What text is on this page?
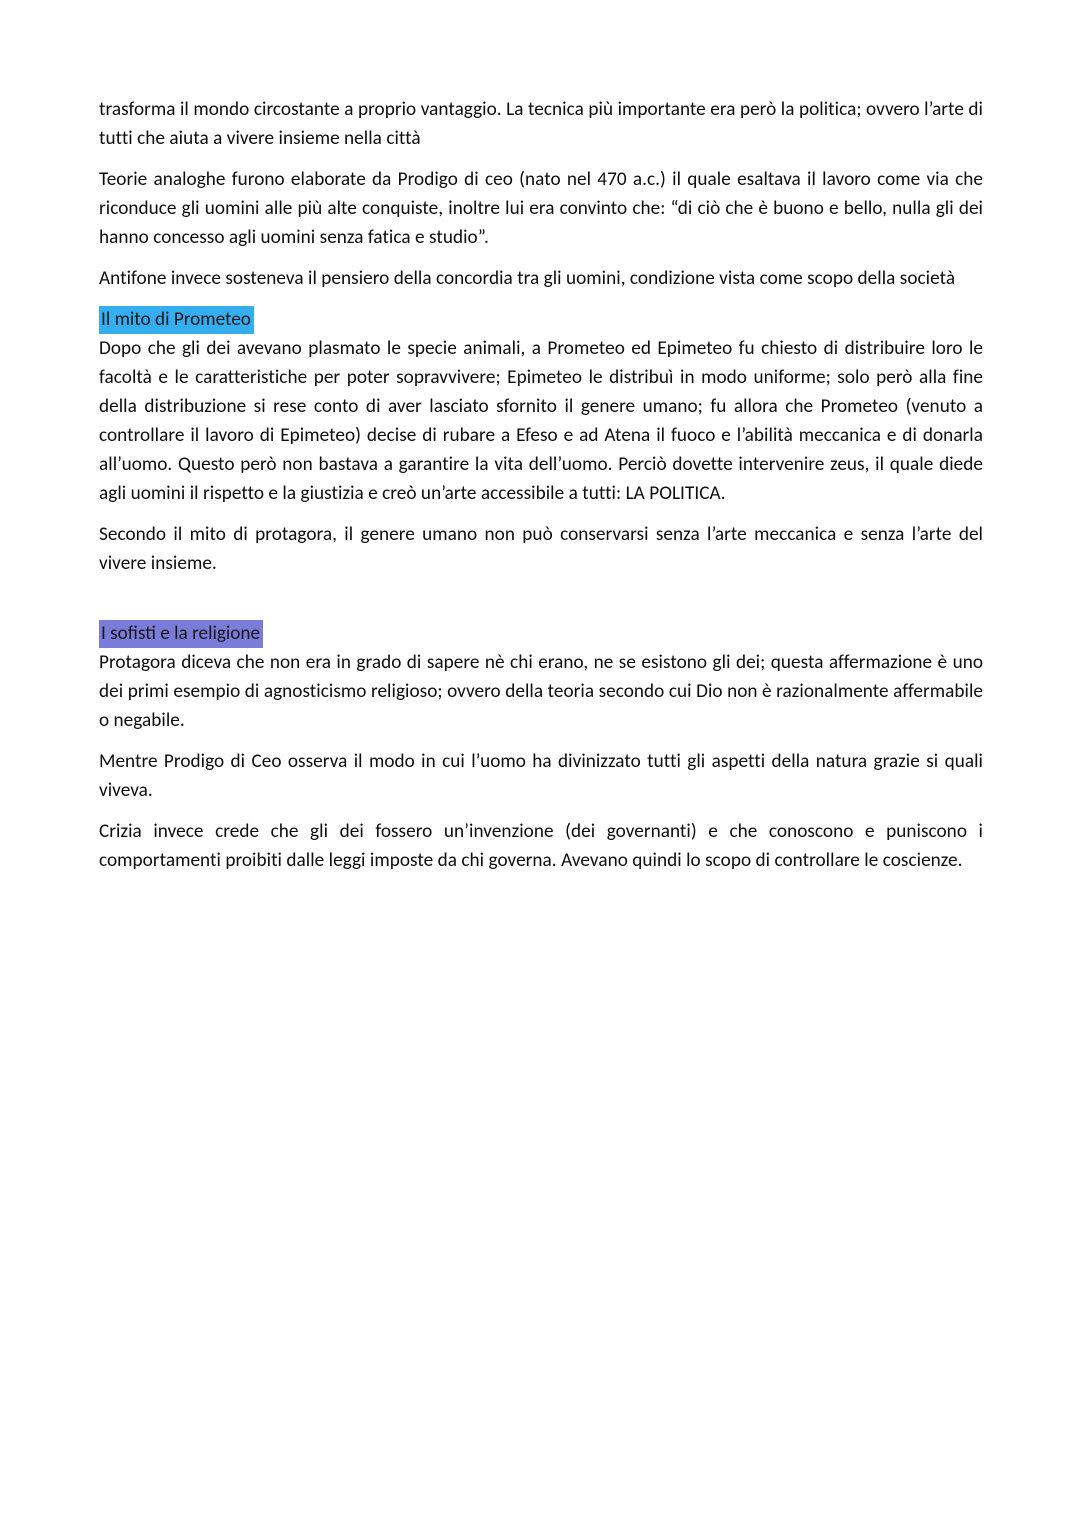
trasforma il mondo circostante a proprio vantaggio. La tecnica più importante era però la politica; ovvero l’arte di tutti che aiuta a vivere insieme nella città

Teorie analoghe furono elaborate da Prodigo di ceo (nato nel 470 a.c.) il quale esaltava il lavoro come via che riconduce gli uomini alle più alte conquiste, inoltre lui era convinto che: “di ciò che è buono e bello, nulla gli dei hanno concesso agli uomini senza fatica e studio”.

Antifone invece sosteneva il pensiero della concordia tra gli uomini, condizione vista come scopo della società

Il mito di Prometeo

Dopo che gli dei avevano plasmato le specie animali, a Prometeo ed Epimeteo fu chiesto di distribuire loro le facoltà e le caratteristiche per poter sopravvivere; Epimeteo le distribuì in modo uniforme; solo però alla fine della distribuzione si rese conto di aver lasciato sfornito il genere umano; fu allora che Prometeo (venuto a controllare il lavoro di Epimeteo) decise di rubare a Efeso e ad Atena il fuoco e l’abilità meccanica e di donarla all’uomo. Questo però non bastava a garantire la vita dell’uomo. Perciò dovette intervenire zeus, il quale diede agli uomini il rispetto e la giustizia e creò un’arte accessibile a tutti: LA POLITICA.

Secondo il mito di protagora, il genere umano non può conservarsi senza l’arte meccanica e senza l’arte del vivere insieme.

I sofisti e la religione

Protagora diceva che non era in grado di sapere nè chi erano, ne se esistono gli dei; questa affermazione è uno dei primi esempio di agnosticismo religioso; ovvero della teoria secondo cui Dio non è razionalmente affermabile o negabile.

Mentre Prodigo di Ceo osserva il modo in cui l’uomo ha divinizzato tutti gli aspetti della natura grazie si quali viveva.

Crizia invece crede che gli dei fossero un’invenzione (dei governanti) e che conoscono e puniscono i comportamenti proibiti dalle leggi imposte da chi governa. Avevano quindi lo scopo di controllare le coscienze.
